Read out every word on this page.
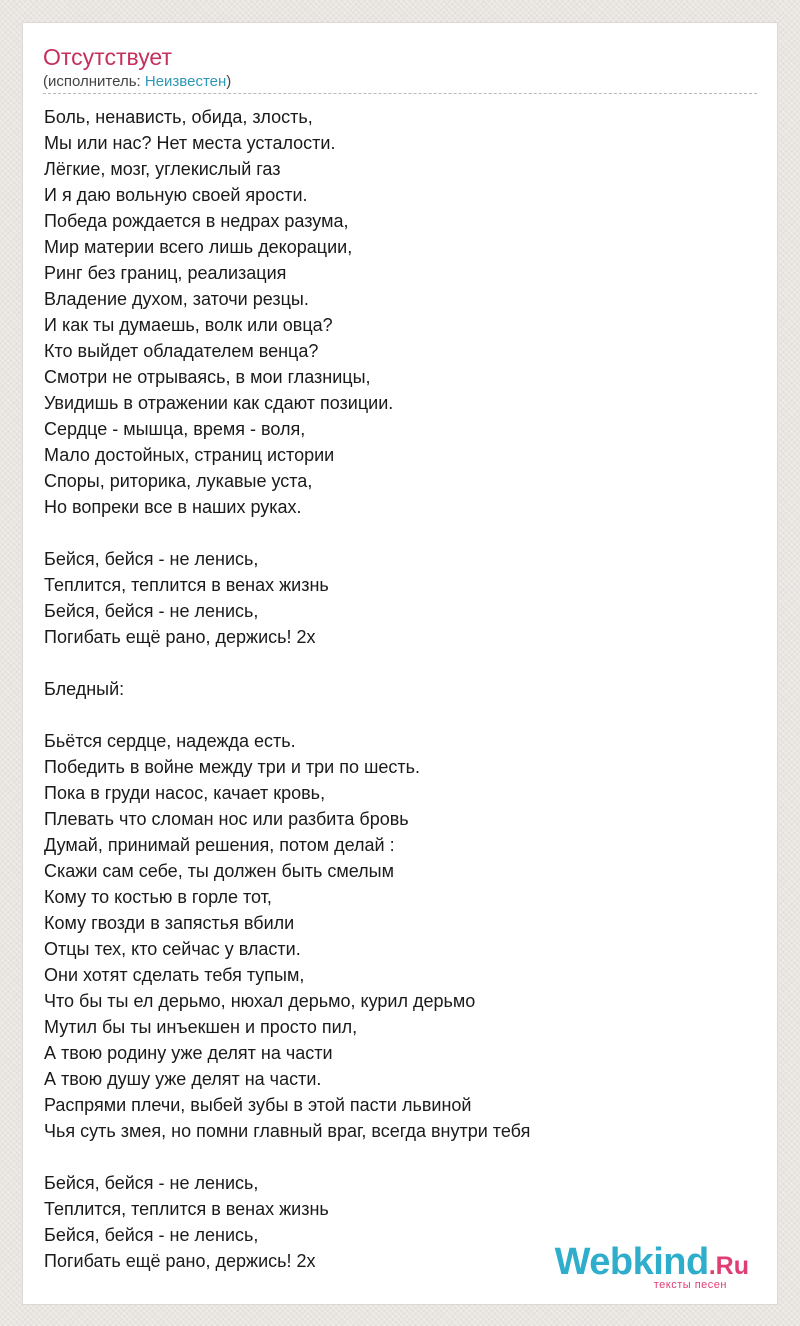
Отсутствует
(исполнитель: Неизвестен)
Боль, ненависть, обида, злость,
Мы или нас? Нет места усталости.
Лёгкие, мозг, углекислый газ
И я даю вольную своей ярости.
Победа рождается в недрах разума,
Мир материи всего лишь декорации,
Ринг без границ, реализация
Владение духом, заточи резцы.
И как ты думаешь, волк или овца?
Кто выйдет обладателем венца?
Смотри не отрываясь, в мои глазницы,
Увидишь в отражении как сдают позиции.
Сердце - мышца, время - воля,
Мало достойных, страниц истории
Споры, риторика, лукавые уста,
Но вопреки все в наших руках.
Бейся, бейся - не ленись,
Теплится, теплится в венах жизнь
Бейся, бейся - не ленись,
Погибать ещё рано, держись! 2х
Бледный:
Бьётся сердце, надежда есть.
Победить в войне между три и три по шесть.
Пока в груди насос, качает кровь,
Плевать что сломан нос или разбита бровь
Думай, принимай решения, потом делай :
Скажи сам себе, ты должен быть смелым
Кому то костью в горле тот,
Кому гвозди в запястья вбили
Отцы тех, кто сейчас у власти.
Они хотят сделать тебя тупым,
Что бы ты ел дерьмо, нюхал дерьмо, курил дерьмо
Мутил бы ты инъекшен и просто пил,
А твою родину уже делят на части
А твою душу уже делят на части.
Распрями плечи, выбей зубы в этой пасти львиной
Чья суть змея, но помни главный враг, всегда внутри тебя
Бейся, бейся - не ленись,
Теплится, теплится в венах жизнь
Бейся, бейся - не ленись,
Погибать ещё рано, держись! 2х	Webkind.Ru
тексты песен
